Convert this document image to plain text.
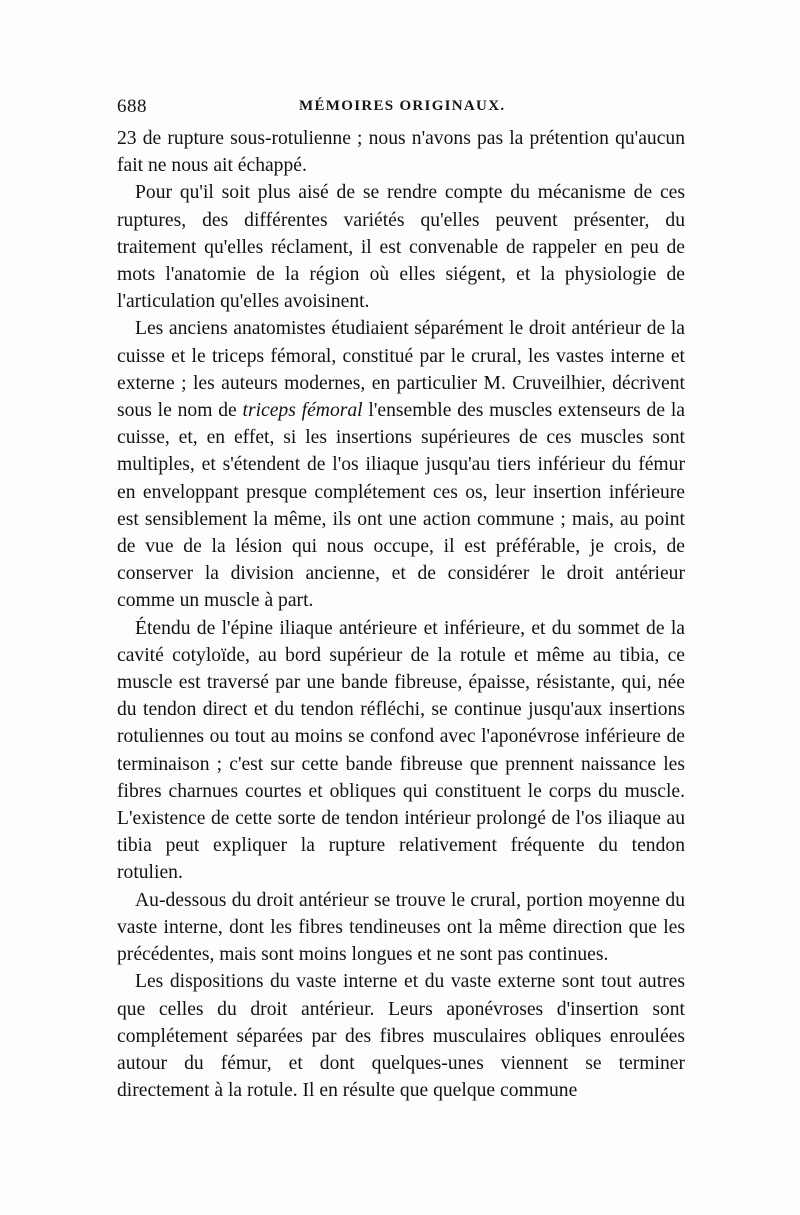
688	MÉMOIRES ORIGINAUX.

23 de rupture sous-rotulienne ; nous n'avons pas la prétention qu'aucun fait ne nous ait échappé.

Pour qu'il soit plus aisé de se rendre compte du mécanisme de ces ruptures, des différentes variétés qu'elles peuvent présenter, du traitement qu'elles réclament, il est convenable de rappeler en peu de mots l'anatomie de la région où elles siégent, et la physiologie de l'articulation qu'elles avoisinent.

Les anciens anatomistes étudiaient séparément le droit antérieur de la cuisse et le triceps fémoral, constitué par le crural, les vastes interne et externe ; les auteurs modernes, en particulier M. Cruveilhier, décrivent sous le nom de triceps fémoral l'ensemble des muscles extenseurs de la cuisse, et, en effet, si les insertions supérieures de ces muscles sont multiples, et s'étendent de l'os iliaque jusqu'au tiers inférieur du fémur en enveloppant presque complétement ces os, leur insertion inférieure est sensiblement la même, ils ont une action commune ; mais, au point de vue de la lésion qui nous occupe, il est préférable, je crois, de conserver la division ancienne, et de considérer le droit antérieur comme un muscle à part.

Étendu de l'épine iliaque antérieure et inférieure, et du sommet de la cavité cotyloïde, au bord supérieur de la rotule et même au tibia, ce muscle est traversé par une bande fibreuse, épaisse, résistante, qui, née du tendon direct et du tendon réfléchi, se continue jusqu'aux insertions rotuliennes ou tout au moins se confond avec l'aponévrose inférieure de terminaison ; c'est sur cette bande fibreuse que prennent naissance les fibres charnues courtes et obliques qui constituent le corps du muscle. L'existence de cette sorte de tendon intérieur prolongé de l'os iliaque au tibia peut expliquer la rupture relativement fréquente du tendon rotulien.

Au-dessous du droit antérieur se trouve le crural, portion moyenne du vaste interne, dont les fibres tendineuses ont la même direction que les précédentes, mais sont moins longues et ne sont pas continues.

Les dispositions du vaste interne et du vaste externe sont tout autres que celles du droit antérieur. Leurs aponévroses d'insertion sont complétement séparées par des fibres musculaires obliques enroulées autour du fémur, et dont quelques-unes viennent se terminer directement à la rotule. Il en résulte que quelque commune
